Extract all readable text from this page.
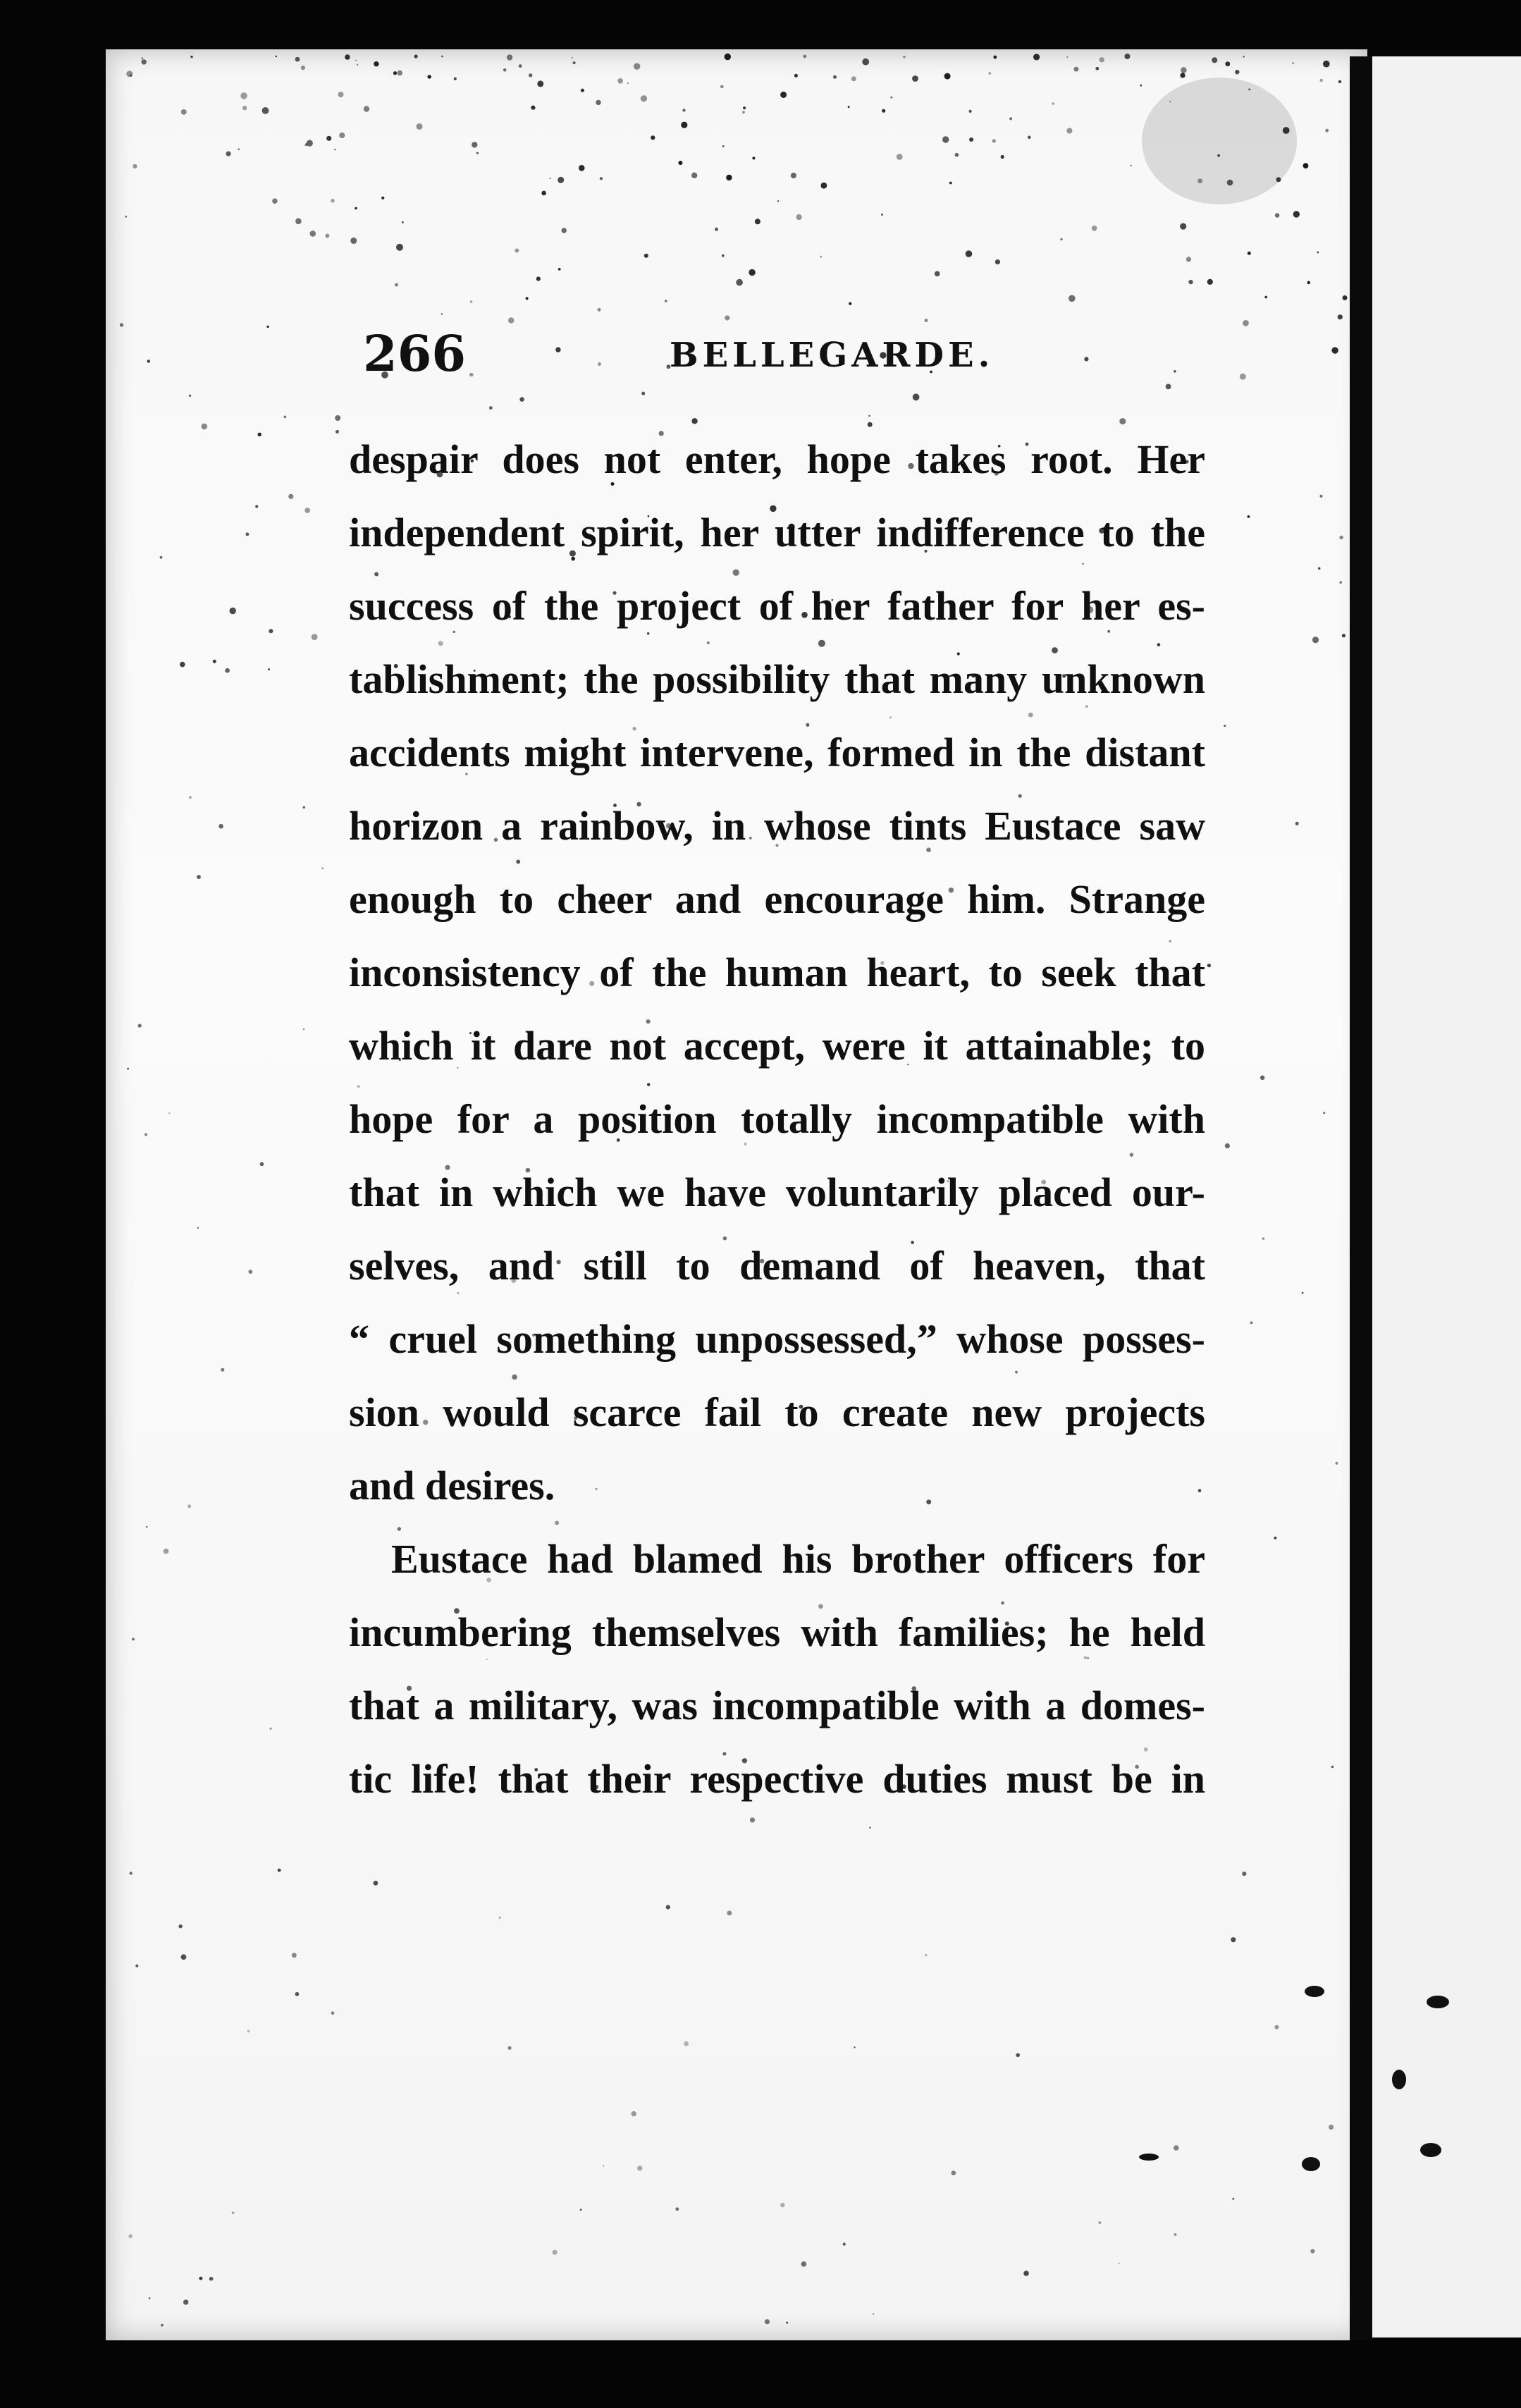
266	BELLEGARDE.

despair does not enter, hope takes root. Her
independent spirit, her utter indifference to the
success of the project of her father for her es-
tablishment; the possibility that many unknown
accidents might intervene, formed in the distant
horizon a rainbow, in whose tints Eustace saw
enough to cheer and encourage him. Strange
inconsistency of the human heart, to seek that
which it dare not accept, were it attainable; to
hope for a position totally incompatible with
that in which we have voluntarily placed our-
selves, and still to demand of heaven, that
“ cruel something unpossessed,” whose posses-
sion would scarce fail to create new projects
and desires.

Eustace had blamed his brother officers for
incumbering themselves with families; he held
that a military, was incompatible with a domes-
tic life! that their respective duties must be in
